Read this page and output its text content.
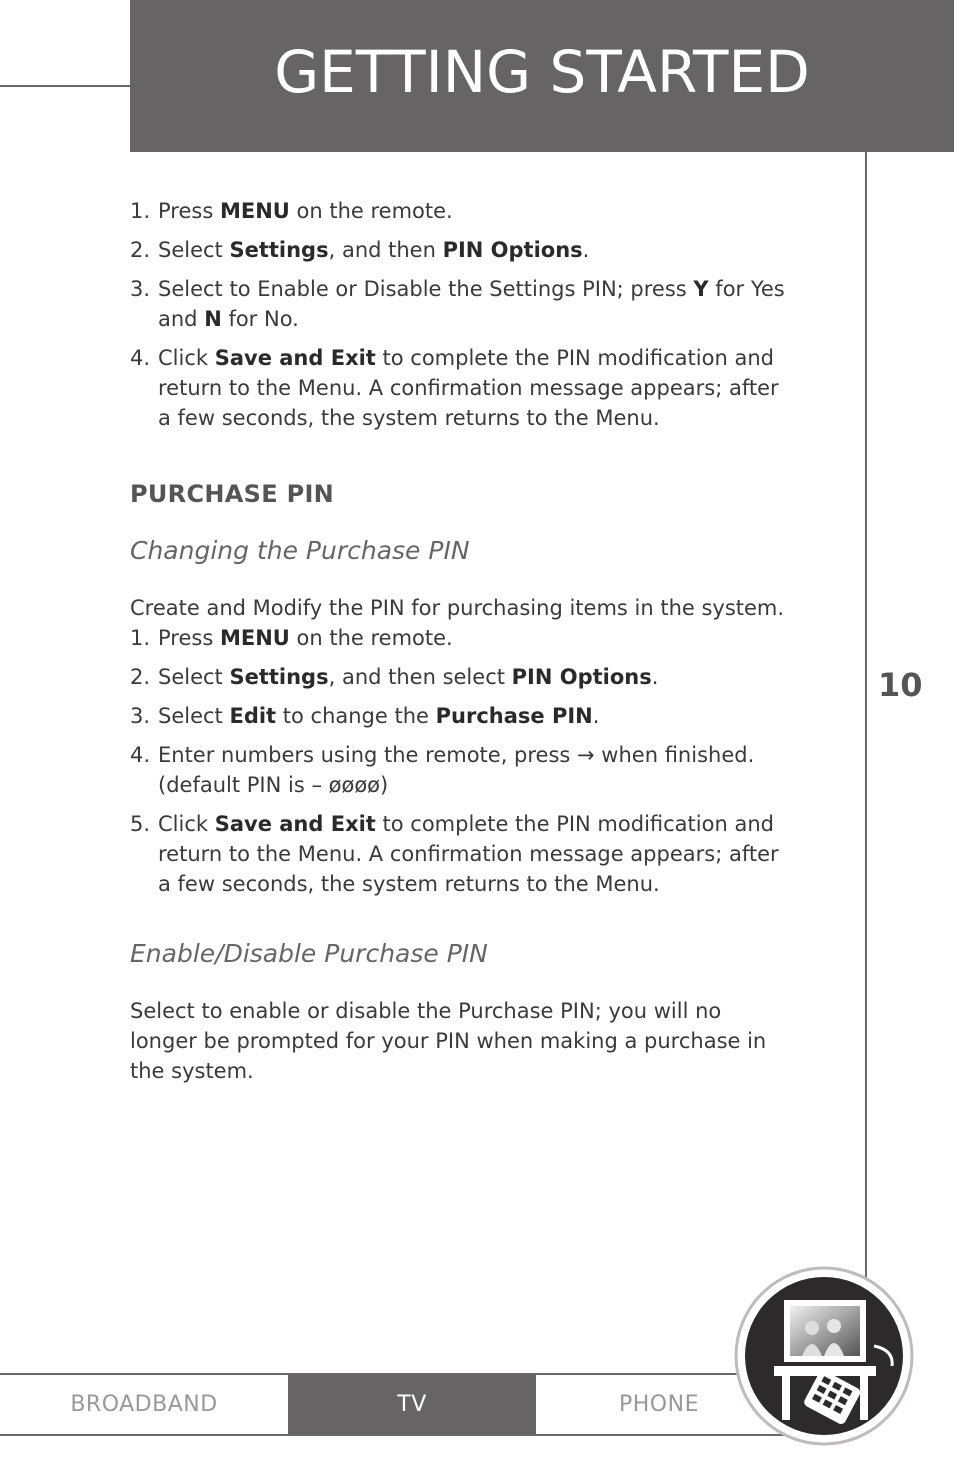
GETTING STARTED
10
1. Press MENU on the remote.
2. Select Settings, and then PIN Options.
3. Select to Enable or Disable the Settings PIN; press Y for Yes and N for No.
4. Click Save and Exit to complete the PIN modification and return to the Menu. A confirmation message appears; after a few seconds, the system returns to the Menu.
PURCHASE PIN
Changing the Purchase PIN
Create and Modify the PIN for purchasing items in the system.
1. Press MENU on the remote.
2. Select Settings, and then select PIN Options.
3. Select Edit to change the Purchase PIN.
4. Enter numbers using the remote, press → when finished. (default PIN is – øøøø)
5. Click Save and Exit to complete the PIN modification and return to the Menu. A confirmation message appears; after a few seconds, the system returns to the Menu.
Enable/Disable Purchase PIN
Select to enable or disable the Purchase PIN; you will no longer be prompted for your PIN when making a purchase in the system.
BROADBAND	TV	PHONE
